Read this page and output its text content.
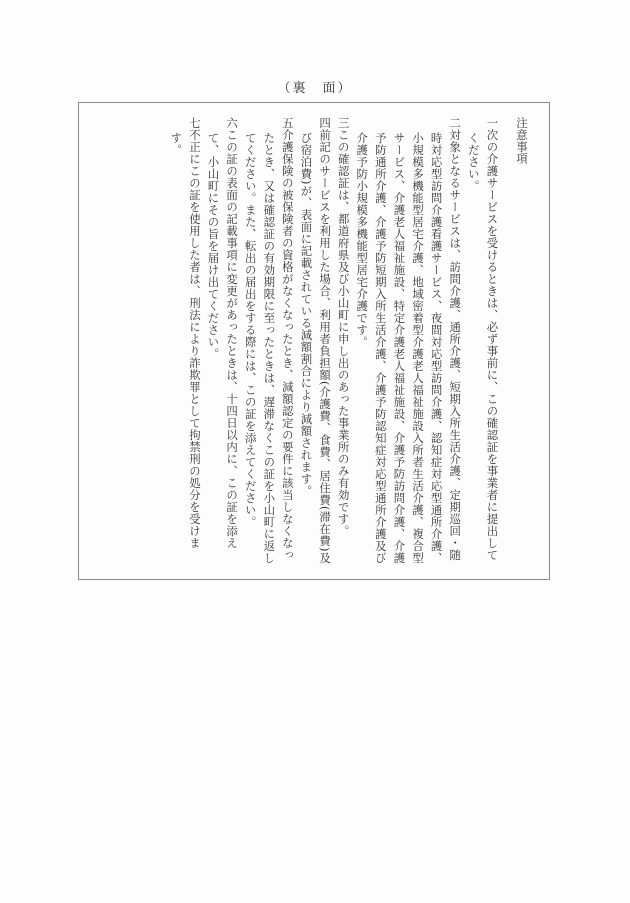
（裏　面）
注意事項
一次の介護サービスを受けるときは、必ず事前に、この確認証を事業者に提出してください。
二対象となるサービスは、訪問介護、通所介護、短期入所生活介護、定期巡回・随時対応型訪問介護看護サービス、夜間対応型訪問介護、認知症対応型通所介護、小規模多機能型居宅介護、地域密着型介護老人福祉施設入所者生活介護、複合型サービス、介護老人福祉施設、特定介護老人福祉施設、介護予防訪問介護、介護予防通所介護、介護予防短期入所生活介護、介護予防認知症対応型通所介護及び介護予防小規模多機能型居宅介護です。
三この確認証は、都道府県及び小山町に申し出のあった事業所のみ有効です。
四前記のサービスを利用した場合、利用者負担額(介護費、食費、居住費(滞在費)及び宿泊費)が、表面に記載されている減額割合により減額されます。
五介護保険の被保険者の資格がなくなったとき、減額認定の要件に該当しなくなったとき、又は確認証の有効期限に至ったときは、遅滞なくこの証を小山町に返してください。また、転出の届出をする際には、この証を添えてください。
六この証の表面の記載事項に変更があったときは、十四日以内に、この証を添えて、小山町にその旨を届け出てください。
七不正にこの証を使用した者は、刑法により詐欺罪として拘禁刑の処分を受けます。
